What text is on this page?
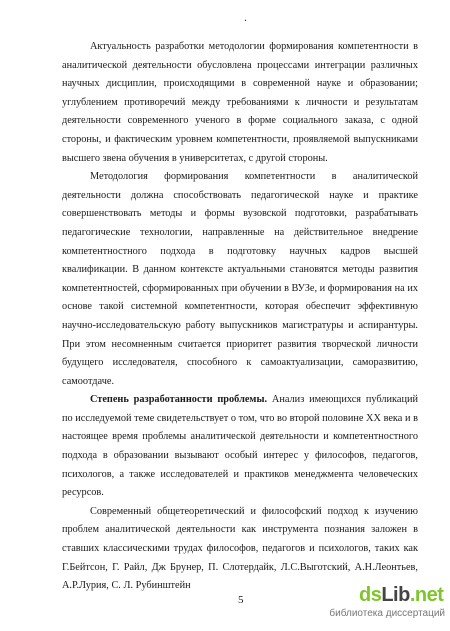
.

Актуальность разработки методологии формирования компетентности в аналитической деятельности обусловлена процессами интеграции различных научных дисциплин, происходящими в современной науке и образовании; углублением противоречий между требованиями к личности и результатам деятельности современного ученого в форме социального заказа, с одной стороны, и фактическим уровнем компетентности, проявляемой выпускниками высшего звена обучения в университетах, с другой стороны.

Методология формирования компетентности в аналитической деятельности должна способствовать педагогической науке и практике совершенствовать методы и формы вузовской подготовки, разрабатывать педагогические технологии, направленные на действительное внедрение компетентностного подхода в подготовку научных кадров высшей квалификации. В данном контексте актуальными становятся методы развития компетентностей, сформированных при обучении в ВУЗе, и формирования на их основе такой системной компетентности, которая обеспечит эффективную научно-исследовательскую работу выпускников магистратуры и аспирантуры. При этом несомненным считается приоритет развития творческой личности будущего исследователя, способного к самоактуализации, саморазвитию, самоотдаче.

Степень разработанности проблемы. Анализ имеющихся публикаций по исследуемой теме свидетельствует о том, что во второй половине XX века и в настоящее время проблемы аналитической деятельности и компетентностного подхода в образовании вызывают особый интерес у философов, педагогов, психологов, а также исследователей и практиков менеджмента человеческих ресурсов.

Современный общетеоретический и философский подход к изучению проблем аналитической деятельности как инструмента познания заложен в ставших классическими трудах философов, педагогов и психологов, таких как Г.Бейтсон, Г. Райл, Дж Брунер, П. Слотердайк, Л.С.Выготский, А.Н.Леонтьев, А.Р.Лурия, С. Л. Рубинштейн

5	dsLib.net
библиотека диссертаций
